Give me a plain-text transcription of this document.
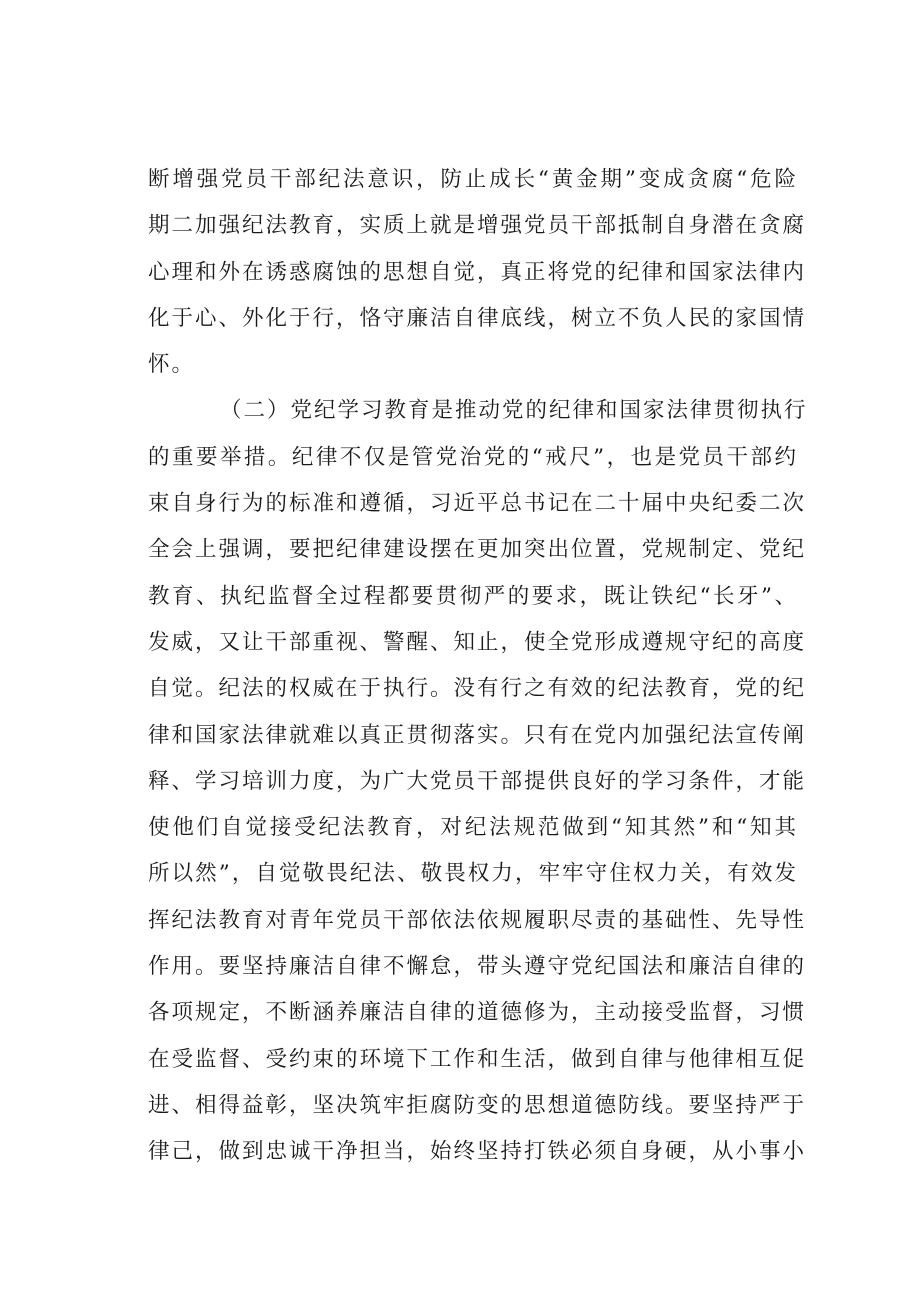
断增强党员干部纪法意识，防止成长“黄金期”变成贪腐“危险
期二加强纪法教育，实质上就是增强党员干部抵制自身潜在贪腐
心理和外在诱惑腐蚀的思想自觉，真正将党的纪律和国家法律内
化于心、外化于行，恪守廉洁自律底线，树立不负人民的家国情
怀。
（二）党纪学习教育是推动党的纪律和国家法律贯彻执行
的重要举措。纪律不仅是管党治党的“戒尺”，也是党员干部约
束自身行为的标准和遵循，习近平总书记在二十届中央纪委二次
全会上强调，要把纪律建设摆在更加突出位置，党规制定、党纪
教育、执纪监督全过程都要贯彻严的要求，既让铁纪“长牙”、
发威，又让干部重视、警醒、知止，使全党形成遵规守纪的高度
自觉。纪法的权威在于执行。没有行之有效的纪法教育，党的纪
律和国家法律就难以真正贯彻落实。只有在党内加强纪法宣传阐
释、学习培训力度，为广大党员干部提供良好的学习条件，才能
使他们自觉接受纪法教育，对纪法规范做到“知其然”和“知其
所以然”，自觉敬畏纪法、敬畏权力，牢牢守住权力关，有效发
挥纪法教育对青年党员干部依法依规履职尽责的基础性、先导性
作用。要坚持廉洁自律不懈怠，带头遵守党纪国法和廉洁自律的
各项规定，不断涵养廉洁自律的道德修为，主动接受监督，习惯
在受监督、受约束的环境下工作和生活，做到自律与他律相互促
进、相得益彰，坚决筑牢拒腐防变的思想道德防线。要坚持严于
律己，做到忠诚干净担当，始终坚持打铁必须自身硬，从小事小
